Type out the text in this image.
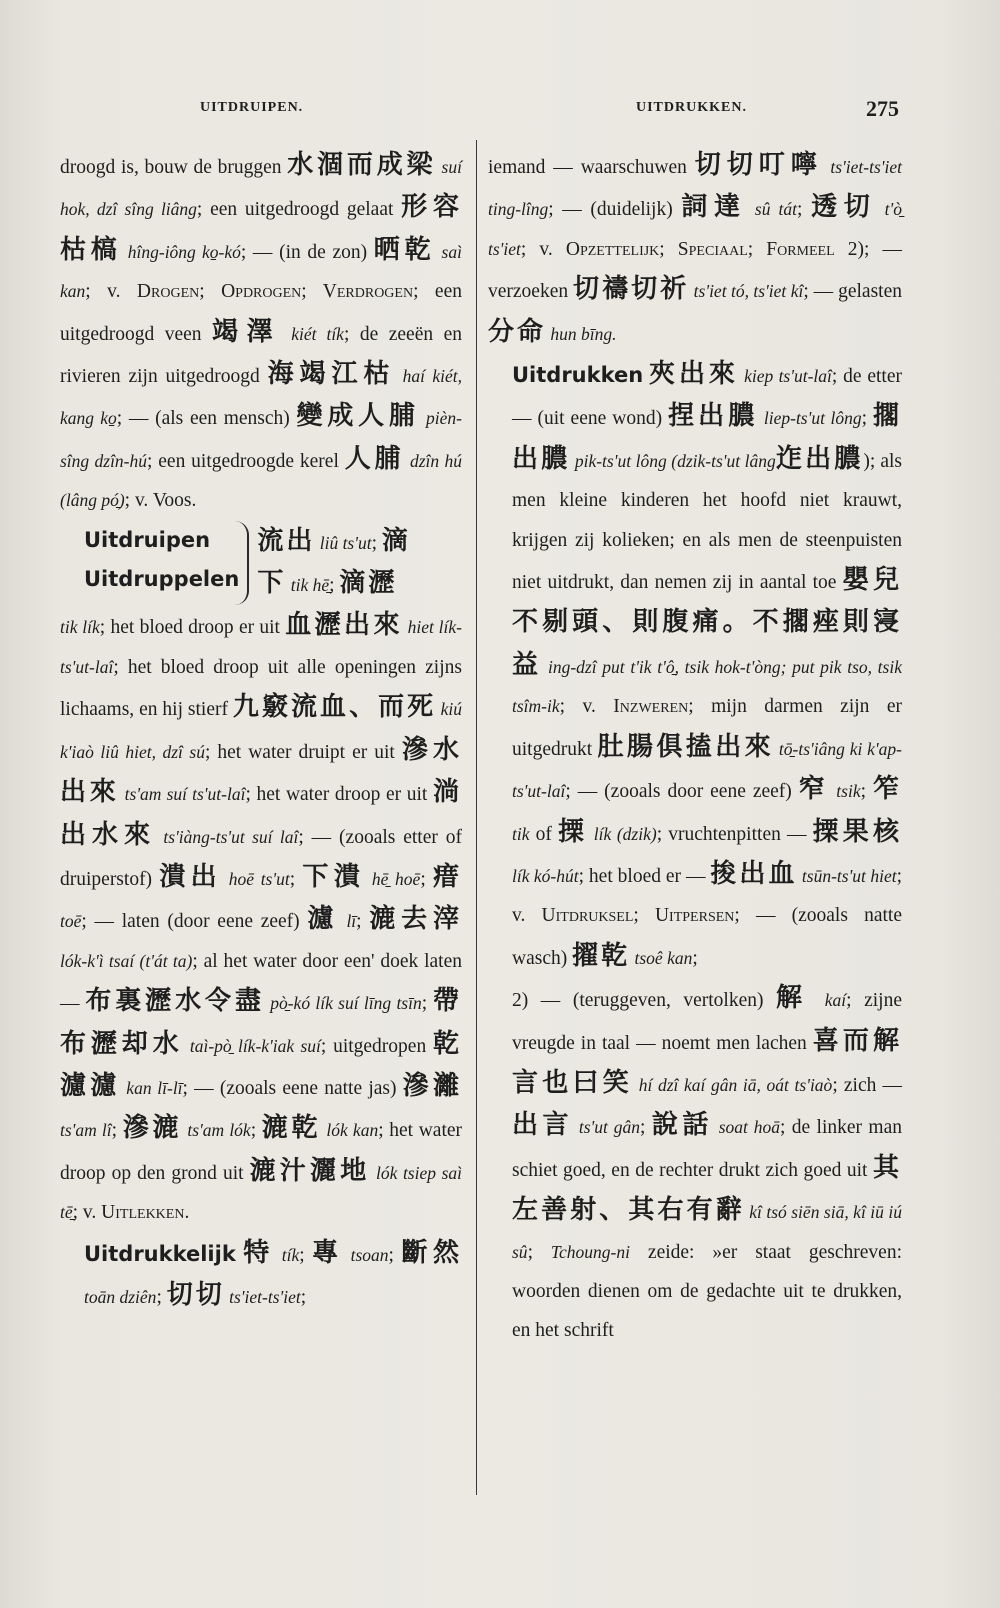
UITDRUIPEN.	UITDRUKKEN.	275

droogd is, bouw de bruggen 水涸而成梁 suí hok, dzî sîng liâng; een uitgedroogd gelaat 形容枯槁 hîng-iông ko̱-kó; — (in de zon) 晒乾 saì kan; v. Drogen; Opdrogen; Verdrogen; een uitgedroogd veen 竭澤 kiét tík; de zeeën en rivieren zijn uitgedroogd 海竭江枯 haí kiét, kang ko̱; — (als een mensch) 變成人脯 pièn-sîng dzîn-hú; een uitgedroogde kerel 人脯 dzîn hú (lâng pó̱); v. Voos.

Uitdruipen
Uitdruppelen
流出 liû ts'ut; 滴
下 tik hē̱; 滴瀝

tik lík; het bloed droop er uit 血瀝出來 hiet lík-ts'ut-laî; het bloed droop uit alle openingen zijns lichaams, en hij stierf 九竅流血、而死 kiú k'iaò liû hiet, dzî sú; het water druipt er uit 滲水出來 ts'am suí ts'ut-laî; het water droop er uit 淌出水來 ts'iàng-ts'ut suí laî; — (zooals etter of druiperstof) 潰出 hoē ts'ut; 下潰 hē̱ hoē; 瘄 toē; — laten (door eene zeef) 濾 lī; 漉去滓 lók-k'ì tsaí (t'át ta); al het water door een' doek laten — 布裏瀝水令盡 pò̱-kó lík suí līng tsīn; 帶布瀝却水 taì-pò̱ lík-k'iak suí; uitgedropen 乾濾濾 kan lī-lī; — (zooals eene natte jas) 滲灕 ts'am lî; 滲漉 ts'am lók; 漉乾 lók kan; het water droop op den grond uit 漉汁灑地 lók tsiep saì tē̱; v. Uitlekken.

Uitdrukkelijk 特 tík; 專 tsoan; 斷然 toān dziên; 切切 ts'iet-ts'iet;

iemand — waarschuwen 切切叮嚀 ts'iet-ts'iet ting-lîng; — (duidelijk) 詞達 sû tát; 透切 t'ò̱ ts'iet; v. Opzettelijk; Speciaal; Formeel 2); — verzoeken 切禱切祈 ts'iet tó, ts'iet kî; — gelasten 分命 hun bīng.

Uitdrukken 夾出來 kiep ts'ut-laî; de etter — (uit eene wond) 捏出膿 liep-ts'ut lông; 擱出膿 pik-ts'ut lông (dzik-ts'ut lâng迮出膿); als men kleine kinderen het hoofd niet krauwt, krijgen zij kolieken; en als men de steenpuisten niet uitdrukt, dan nemen zij in aantal toe 嬰兒不剔頭、則腹痛。不擱痤則寖益 ing-dzî put t'ik t'ô̱, tsik hok-t'òng; put pik tso, tsik tsîm-ik; v. Inzweren; mijn darmen zijn er uitgedrukt 肚腸俱搕出來 tō̱-ts'iâng ki k'ap-ts'ut-laî; — (zooals door eene zeef) 窄 tsik; 笮 tik of 搮 lík (dzik); vruchtenpitten — 搮果核 lík kó-hút; het bloed er — 捘出血 tsūn-ts'ut hiet; v. Uitdruksel; Uitpersen; — (zooals natte wasch) 擢乾 tsoê kan;

2) — (teruggeven, vertolken) 解 kaí; zijne vreugde in taal — noemt men lachen 喜而解言也曰笑 hí dzî kaí gân iā, oát ts'iaò; zich — 出言 ts'ut gân; 說話 soat hoā; de linker man schiet goed, en de rechter drukt zich goed uit 其左善射、其右有辭 kî tsó siēn siā, kî iū iú sû; Tchoung-ni zeide: »er staat geschreven: woorden dienen om de gedachte uit te drukken, en het schrift
